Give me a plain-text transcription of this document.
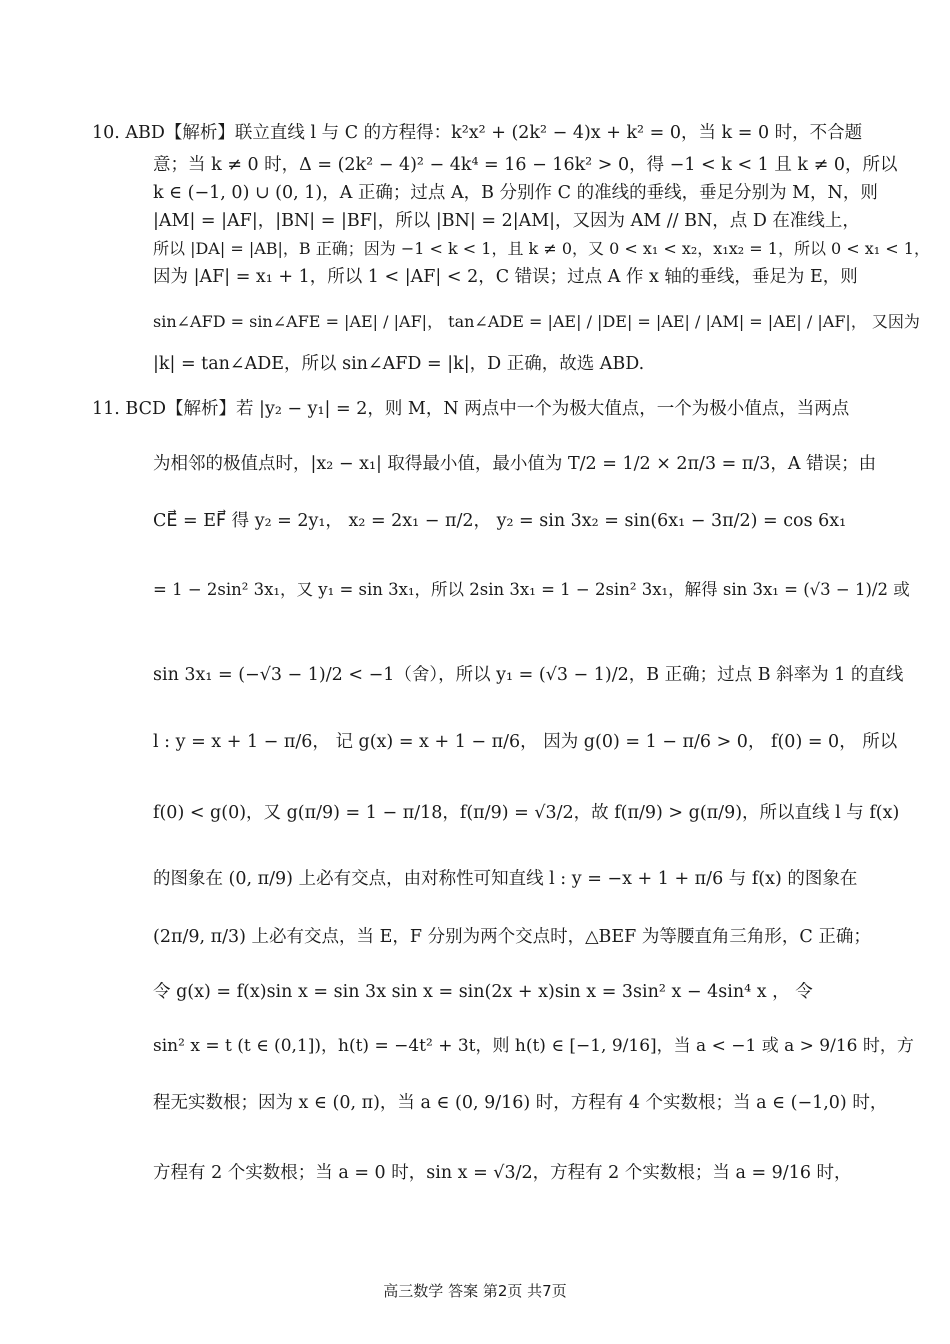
10. ABD【解析】联立直线 l 与 C 的方程得：k²x² + (2k² − 4)x + k² = 0，当 k = 0 时，不合题
意；当 k ≠ 0 时，Δ = (2k² − 4)² − 4k⁴ = 16 − 16k² > 0，得 −1 < k < 1 且 k ≠ 0，所以
k ∈ (−1, 0) ∪ (0, 1)，A 正确；过点 A，B 分别作 C 的准线的垂线，垂足分别为 M，N，则
|AM| = |AF|，|BN| = |BF|，所以 |BN| = 2|AM|，又因为 AM // BN，点 D 在准线上，
所以 |DA| = |AB|，B 正确；因为 −1 < k < 1，且 k ≠ 0，又 0 < x₁ < x₂，x₁x₂ = 1，所以 0 < x₁ < 1，
因为 |AF| = x₁ + 1，所以 1 < |AF| < 2，C 错误；过点 A 作 x 轴的垂线，垂足为 E，则
sin∠AFD = sin∠AFE = |AE| / |AF|， tan∠ADE = |AE| / |DE| = |AE| / |AM| = |AE| / |AF|， 又因为
|k| = tan∠ADE，所以 sin∠AFD = |k|，D 正确，故选 ABD.
11. BCD【解析】若 |y₂ − y₁| = 2，则 M，N 两点中一个为极大值点，一个为极小值点，当两点
为相邻的极值点时，|x₂ − x₁| 取得最小值，最小值为 T/2 = 1/2 × 2π/3 = π/3，A 错误；由
CE⃗ = EF⃗ 得 y₂ = 2y₁， x₂ = 2x₁ − π/2， y₂ = sin 3x₂ = sin(6x₁ − 3π/2) = cos 6x₁
= 1 − 2sin² 3x₁，又 y₁ = sin 3x₁，所以 2sin 3x₁ = 1 − 2sin² 3x₁，解得 sin 3x₁ = (√3 − 1)/2 或
sin 3x₁ = (−√3 − 1)/2 < −1（舍），所以 y₁ = (√3 − 1)/2，B 正确；过点 B 斜率为 1 的直线
l : y = x + 1 − π/6， 记 g(x) = x + 1 − π/6， 因为 g(0) = 1 − π/6 > 0， f(0) = 0， 所以
f(0) < g(0)，又 g(π/9) = 1 − π/18，f(π/9) = √3/2，故 f(π/9) > g(π/9)，所以直线 l 与 f(x)
的图象在 (0, π/9) 上必有交点，由对称性可知直线 l : y = −x + 1 + π/6 与 f(x) 的图象在
(2π/9, π/3) 上必有交点，当 E，F 分别为两个交点时，△BEF 为等腰直角三角形，C 正确；
令 g(x) = f(x)sin x = sin 3x sin x = sin(2x + x)sin x = 3sin² x − 4sin⁴ x ， 令
sin² x = t (t ∈ (0,1])，h(t) = −4t² + 3t，则 h(t) ∈ [−1, 9/16]，当 a < −1 或 a > 9/16 时，方
程无实数根；因为 x ∈ (0, π)，当 a ∈ (0, 9/16) 时，方程有 4 个实数根；当 a ∈ (−1,0) 时，
方程有 2 个实数根；当 a = 0 时，sin x = √3/2，方程有 2 个实数根；当 a = 9/16 时，
高三数学 答案 第2页 共7页
